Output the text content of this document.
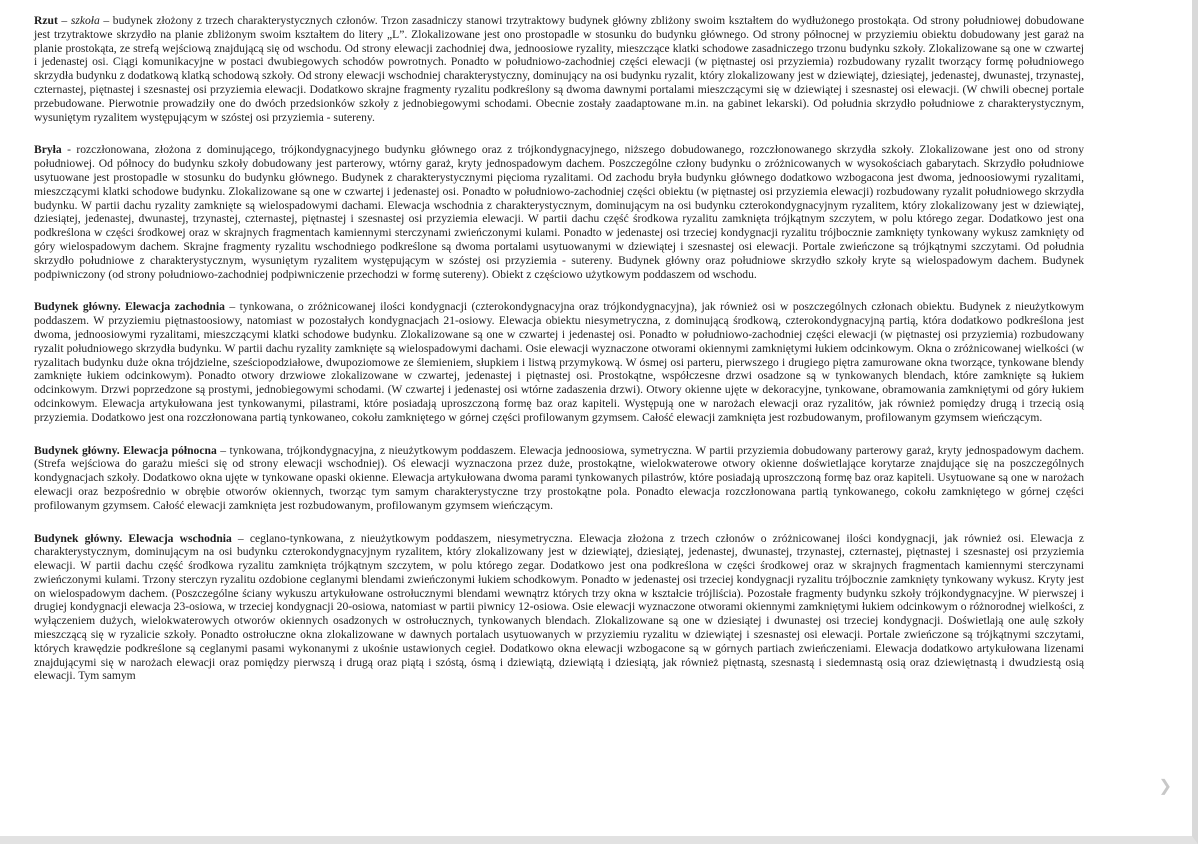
Rzut – szkoła – budynek złożony z trzech charakterystycznych członów. Trzon zasadniczy stanowi trzytraktowy budynek główny zbliżony swoim kształtem do wydłużonego prostokąta. Od strony południowej dobudowane jest trzytraktowe skrzydło na planie zbliżonym swoim kształtem do litery „L”. Zlokalizowane jest ono prostopadle w stosunku do budynku głównego. Od strony północnej w przyziemiu obiektu dobudowany jest garaż na planie prostokąta, ze strefą wejściową znajdującą się od wschodu. Od strony elewacji zachodniej dwa, jednoosiowe ryzality, mieszczące klatki schodowe zasadniczego trzonu budynku szkoły. Zlokalizowane są one w czwartej i jedenastej osi. Ciągi komunikacyjne w postaci dwubiegowych schodów powrotnych. Ponadto w południowo-zachodniej części elewacji (w piętnastej osi przyziemia) rozbudowany ryzalit tworzący formę południowego skrzydła budynku z dodatkową klatką schodową szkoły. Od strony elewacji wschodniej charakterystyczny, dominujący na osi budynku ryzalit, który zlokalizowany jest w dziewiątej, dziesiątej, jedenastej, dwunastej, trzynastej, czternastej, piętnastej i szesnastej osi przyziemia elewacji. Dodatkowo skrajne fragmenty ryzalitu podkreślony są dwoma dawnymi portalami mieszczącymi się w dziewiątej i szesnastej osi elewacji. (W chwili obecnej portale przebudowane. Pierwotnie prowadziły one do dwóch przedsionków szkoły z jednobiegowymi schodami. Obecnie zostały zaadaptowane m.in. na gabinet lekarski). Od południa skrzydło południowe z charakterystycznym, wysuniętym ryzalitem występującym w szóstej osi przyziemia - sutereny.

Bryła - rozczłonowana, złożona z dominującego, trójkondygnacyjnego budynku głównego oraz z trójkondygnacyjnego, niższego dobudowanego, rozczłonowanego skrzydła szkoły. Zlokalizowane jest ono od strony południowej. Od północy do budynku szkoły dobudowany jest parterowy, wtórny garaż, kryty jednospadowym dachem. Poszczególne człony budynku o zróżnicowanych w wysokościach gabarytach. Skrzydło południowe usytuowane jest prostopadle w stosunku do budynku głównego. Budynek z charakterystycznymi pięcioma ryzalitami. Od zachodu bryła budynku głównego dodatkowo wzbogacona jest dwoma, jednoosiowymi ryzalitami, mieszczącymi klatki schodowe budynku. Zlokalizowane są one w czwartej i jedenastej osi. Ponadto w południowo-zachodniej części obiektu (w piętnastej osi przyziemia elewacji) rozbudowany ryzalit południowego skrzydła budynku. W partii dachu ryzality zamknięte są wielospadowymi dachami. Elewacja wschodnia z charakterystycznym, dominującym na osi budynku czterokondygnacyjnym ryzalitem, który zlokalizowany jest w dziewiątej, dziesiątej, jedenastej, dwunastej, trzynastej, czternastej, piętnastej i szesnastej osi przyziemia elewacji. W partii dachu część środkowa ryzalitu zamknięta trójkątnym szczytem, w polu którego zegar. Dodatkowo jest ona podkreślona w części środkowej oraz w skrajnych fragmentach kamiennymi sterczynami zwieńczonymi kulami. Ponadto w jedenastej osi trzeciej kondygnacji ryzalitu trójbocznie zamknięty tynkowany wykusz zamknięty od góry wielospadowym dachem. Skrajne fragmenty ryzalitu wschodniego podkreślone są dwoma portalami usytuowanymi w dziewiątej i szesnastej osi elewacji. Portale zwieńczone są trójkątnymi szczytami. Od południa skrzydło południowe z charakterystycznym, wysuniętym ryzalitem występującym w szóstej osi przyziemia - sutereny. Budynek główny oraz południowe skrzydło szkoły kryte są wielospadowym dachem. Budynek podpiwniczony (od strony południowo-zachodniej podpiwniczenie przechodzi w formę sutereny). Obiekt z częściowo użytkowym poddaszem od wschodu.

Budynek główny. Elewacja zachodnia – tynkowana, o zróżnicowanej ilości kondygnacji (czterokondygnacyjna oraz trójkondygnacyjna), jak również osi w poszczególnych członach obiektu. Budynek z nieużytkowym poddaszem. W przyziemiu piętnastoosiowy, natomiast w pozostałych kondygnacjach 21-osiowy. Elewacja obiektu niesymetryczna, z dominującą środkową, czterokondygnacyjną partią, która dodatkowo podkreślona jest dwoma, jednoosiowymi ryzalitami, mieszczącymi klatki schodowe budynku. Zlokalizowane są one w czwartej i jedenastej osi. Ponadto w południowo-zachodniej części elewacji (w piętnastej osi przyziemia) rozbudowany ryzalit południowego skrzydła budynku. W partii dachu ryzality zamknięte są wielospadowymi dachami. Osie elewacji wyznaczone otworami okiennymi zamkniętymi łukiem odcinkowym. Okna o zróżnicowanej wielkości (w ryzalitach budynku duże okna trójdzielne, sześciopodziałowe, dwupoziomowe ze ślemieniem, słupkiem i listwą przymykową. W ósmej osi parteru, pierwszego i drugiego piętra zamurowane okna tworzące, tynkowane blendy zamknięte łukiem odcinkowym). Ponadto otwory drzwiowe zlokalizowane w czwartej, jedenastej i piętnastej osi. Prostokątne, współczesne drzwi osadzone są w tynkowanych blendach, które zamknięte są łukiem odcinkowym. Drzwi poprzedzone są prostymi, jednobiegowymi schodami. (W czwartej i jedenastej osi wtórne zadaszenia drzwi). Otwory okienne ujęte w dekoracyjne, tynkowane, obramowania zamkniętymi od góry łukiem odcinkowym. Elewacja artykułowana jest tynkowanymi, pilastrami, które posiadają uproszczoną formę baz oraz kapiteli. Występują one w narożach elewacji oraz ryzalitów, jak również pomiędzy drugą i trzecią osią przyziemia. Dodatkowo jest ona rozczłonowana partią tynkowaneo, cokołu zamkniętego w górnej części profilowanym gzymsem. Całość elewacji zamknięta jest rozbudowanym, profilowanym gzymsem wieńczącym.

Budynek główny. Elewacja północna – tynkowana, trójkondygnacyjna, z nieużytkowym poddaszem. Elewacja jednoosiowa, symetryczna. W partii przyziemia dobudowany parterowy garaż, kryty jednospadowym dachem. (Strefa wejściowa do garażu mieści się od strony elewacji wschodniej). Oś elewacji wyznaczona przez duże, prostokątne, wielokwaterowe otwory okienne doświetlające korytarze znajdujące się na poszczególnych kondygnacjach szkoły. Dodatkowo okna ujęte w tynkowane opaski okienne. Elewacja artykułowana dwoma parami tynkowanych pilastrów, które posiadają uproszczoną formę baz oraz kapiteli. Usytuowane są one w narożach elewacji oraz bezpośrednio w obrębie otworów okiennych, tworząc tym samym charakterystyczne trzy prostokątne pola. Ponadto elewacja rozczłonowana partią tynkowanego, cokołu zamkniętego w górnej części profilowanym gzymsem. Całość elewacji zamknięta jest rozbudowanym, profilowanym gzymsem wieńczącym.

Budynek główny. Elewacja wschodnia – ceglano-tynkowana, z nieużytkowym poddaszem, niesymetryczna. Elewacja złożona z trzech członów o zróżnicowanej ilości kondygnacji, jak również osi. Elewacja z charakterystycznym, dominującym na osi budynku czterokondygnacyjnym ryzalitem, który zlokalizowany jest w dziewiątej, dziesiątej, jedenastej, dwunastej, trzynastej, czternastej, piętnastej i szesnastej osi przyziemia elewacji. W partii dachu część środkowa ryzalitu zamknięta trójkątnym szczytem, w polu którego zegar. Dodatkowo jest ona podkreślona w części środkowej oraz w skrajnych fragmentach kamiennymi sterczynami zwieńczonymi kulami. Trzony sterczyn ryzalitu ozdobione ceglanymi blendami zwieńczonymi łukiem schodkowym. Ponadto w jedenastej osi trzeciej kondygnacji ryzalitu trójbocznie zamknięty tynkowany wykusz. Kryty jest on wielospadowym dachem. (Poszczególne ściany wykuszu artykułowane ostrołucznymi blendami wewnątrz których trzy okna w kształcie trójliścia). Pozostałe fragmenty budynku szkoły trójkondygnacyjne. W pierwszej i drugiej kondygnacji elewacja 23-osiowa, w trzeciej kondygnacji 20-osiowa, natomiast w partii piwnicy 12-osiowa. Osie elewacji wyznaczone otworami okiennymi zamkniętymi łukiem odcinkowym o różnorodnej wielkości, z wyłączeniem dużych, wielokwaterowych otworów okiennych osadzonych w ostrołucznych, tynkowanych blendach. Zlokalizowane są one w dziesiątej i dwunastej osi trzeciej kondygnacji. Doświetlają one aulę szkoły mieszczącą się w ryzalicie szkoły. Ponadto ostrołuczne okna zlokalizowane w dawnych portalach usytuowanych w przyziemiu ryzalitu w dziewiątej i szesnastej osi elewacji. Portale zwieńczone są trójkątnymi szczytami, których krawędzie podkreślone są ceglanymi pasami wykonanymi z ukośnie ustawionych cegieł. Dodatkowo okna elewacji wzbogacone są w górnych partiach zwieńczeniami. Elewacja dodatkowo artykułowana lizenami znajdującymi się w narożach elewacji oraz pomiędzy pierwszą i drugą oraz piątą i szóstą, ósmą i dziewiątą, dziewiątą i dziesiątą, jak również piętnastą, szesnastą i siedemnastą osią oraz dziewiętnastą i dwudziestą osią elewacji. Tym samym

❯
